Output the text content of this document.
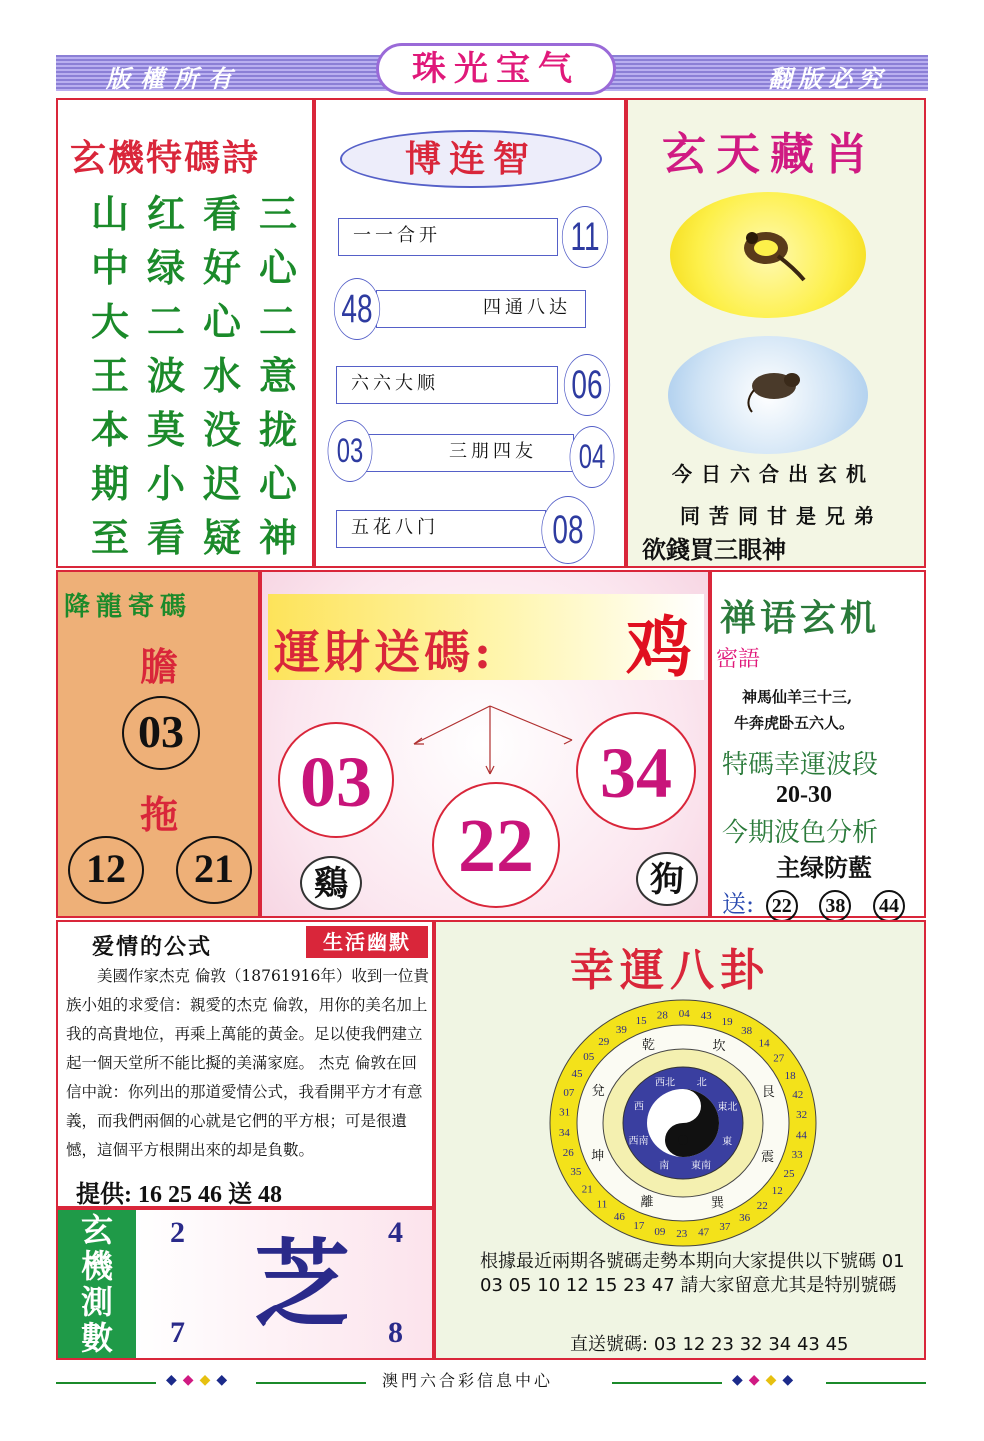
版權所有	珠光宝气	翻版必究
玄機特碼詩
山 红 看 三
中 绿 好 心
大 二 心 二
王 波 水 意
本 莫 没 拢
期 小 迟 心
至 看 疑 神
博连智
一一合开	11
四通八达
48
六六大顺	06
三朋四友
03	04
五花八门	08
玄天藏肖
今日六合出玄机
同苦同甘是兄弟
欲錢買三眼神
降龍寄碼
膽
03
拖
12	21
運財送碼: 鸡
03
22
34
鷄	狗
禅语玄机
密語
神馬仙羊三十三,
牛奔虎卧五六人。
特碼幸運波段
20-30
今期波色分析
主绿防藍
送: 22 38 44
爱情的公式	生活幽默
美國作家杰克 倫敦（18761916年）收到一位貴族小姐的求愛信：親愛的杰克 倫敦，用你的美名加上我的高貴地位，再乘上萬能的黃金。足以使我們建立起一個天堂所不能比擬的美滿家庭。 杰克 倫敦在回信中說：你列出的那道愛情公式，我看開平方才有意義，而我們兩個的心就是它們的平方根；可是很遺憾，這個平方根開出來的却是負數。
提供: 16 25 46 送 48
幸運八卦
乾	坎
艮
震
巽
離
坤
兌
西北 北
東北
東
東南
南
西南
西
28 04 43 19
38
14
27
18
42
32
44
33
25
12
22
36
37
47
23
09
17
46
11
21
35
26
34
31
07
45
05
29
39
15
根據最近兩期各號碼走勢本期向大家提供以下號碼 01 03 05 10 12 15 23 47 請大家留意尤其是特别號碼
直送號碼: 03 12 23 32 34 43 45
玄
機
測
數
2	4
7	8
芝
◆◆◆◆	澳門六合彩信息中心	◆◆◆◆
